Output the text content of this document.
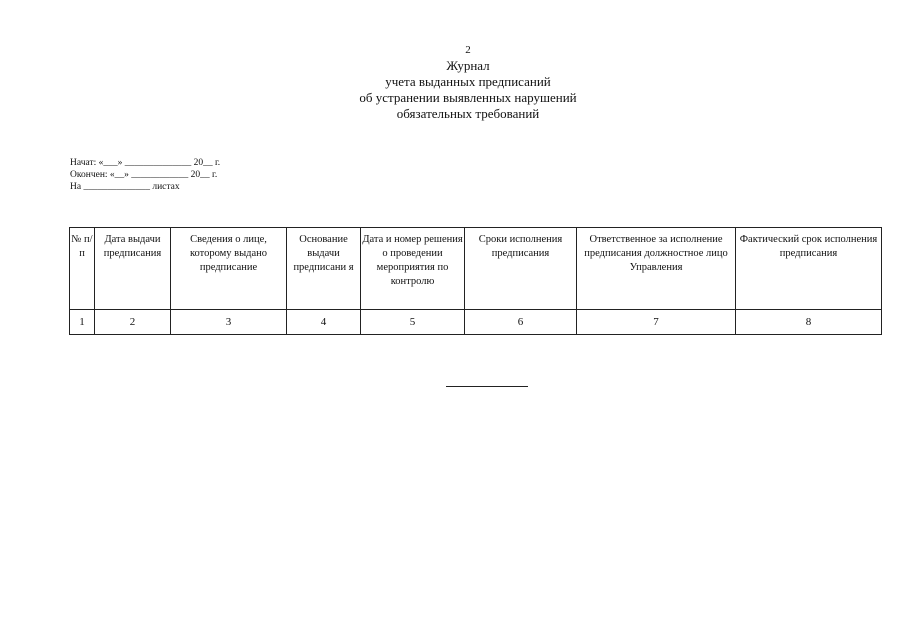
2
Журнал
учета выданных предписаний
об устранении выявленных нарушений
обязательных требований
Начат: «___» ______________ 20__ г.
Окончен: «__» ____________ 20__ г.
На ______________ листах
№ п/п	Дата выдачи предписания	Сведения о лице, которому выдано предписание	Основание выдачи предписани я	Дата и номер решения о проведении мероприятия по контролю	Сроки исполнения предписания	Ответственное за исполнение предписания должностное лицо Управления	Фактический срок исполнения предписания
1	2	3	4	5	6	7	8
